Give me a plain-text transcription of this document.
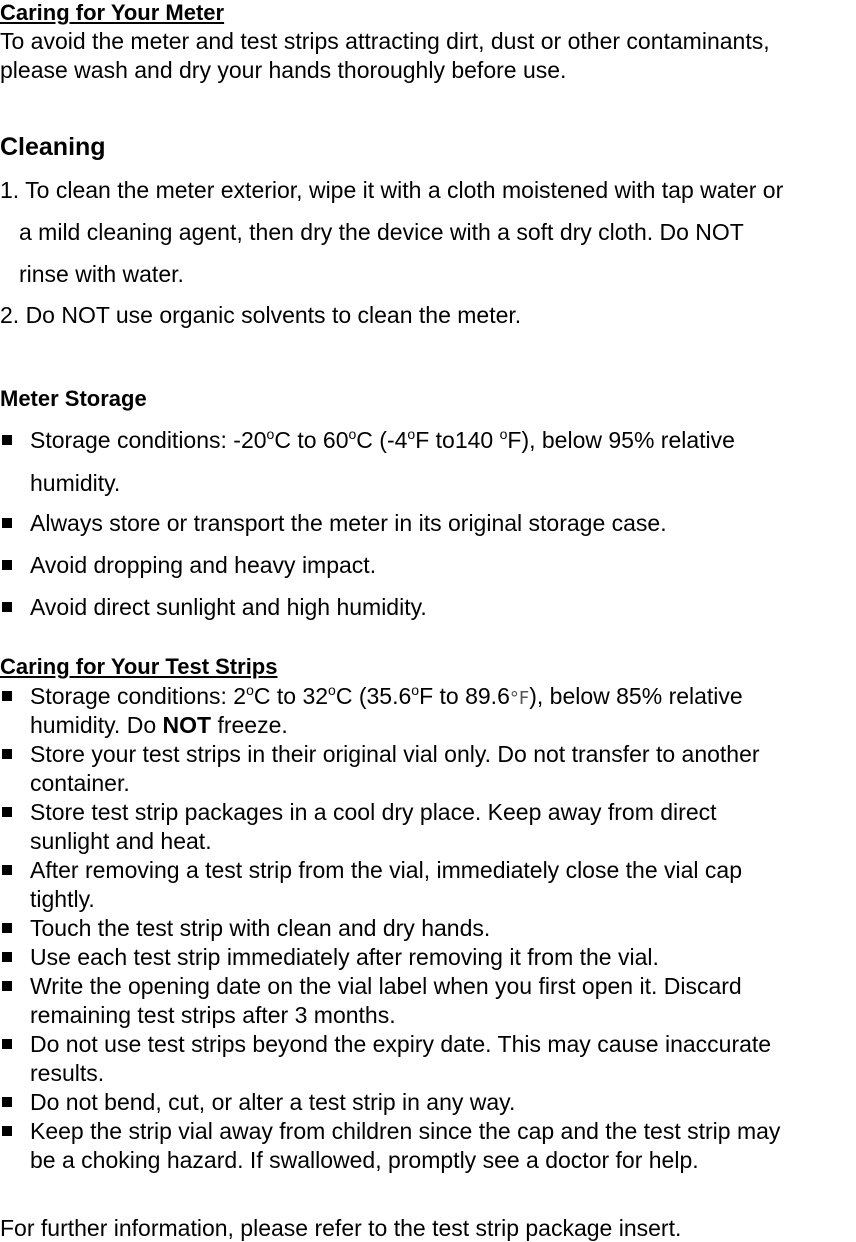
Caring for Your Meter
To avoid the meter and test strips attracting dirt, dust or other contaminants,
please wash and dry your hands thoroughly before use.
Cleaning
1. To clean the meter exterior, wipe it with a cloth moistened with tap water or
a mild cleaning agent, then dry the device with a soft dry cloth. Do NOT
rinse with water.
2. Do NOT use organic solvents to clean the meter.
Meter Storage
Storage conditions: -20$^o$C to 60$^o$C (-4$^o$F to140 $^o$F), below 95% relative
humidity.
Always store or transport the meter in its original storage case.
Avoid dropping and heavy impact.
Avoid direct sunlight and high humidity.
Caring for Your Test Strips
Storage conditions: 2$^o$C to 32$^o$C (35.6$^o$F to 89.6°F), below 85% relative
humidity. Do NOT freeze.
Store your test strips in their original vial only. Do not transfer to another
container.
Store test strip packages in a cool dry place. Keep away from direct
sunlight and heat.
After removing a test strip from the vial, immediately close the vial cap
tightly.
Touch the test strip with clean and dry hands.
Use each test strip immediately after removing it from the vial.
Write the opening date on the vial label when you first open it. Discard
remaining test strips after 3 months.
Do not use test strips beyond the expiry date. This may cause inaccurate
results.
Do not bend, cut, or alter a test strip in any way.
Keep the strip vial away from children since the cap and the test strip may
be a choking hazard. If swallowed, promptly see a doctor for help.
For further information, please refer to the test strip package insert.
